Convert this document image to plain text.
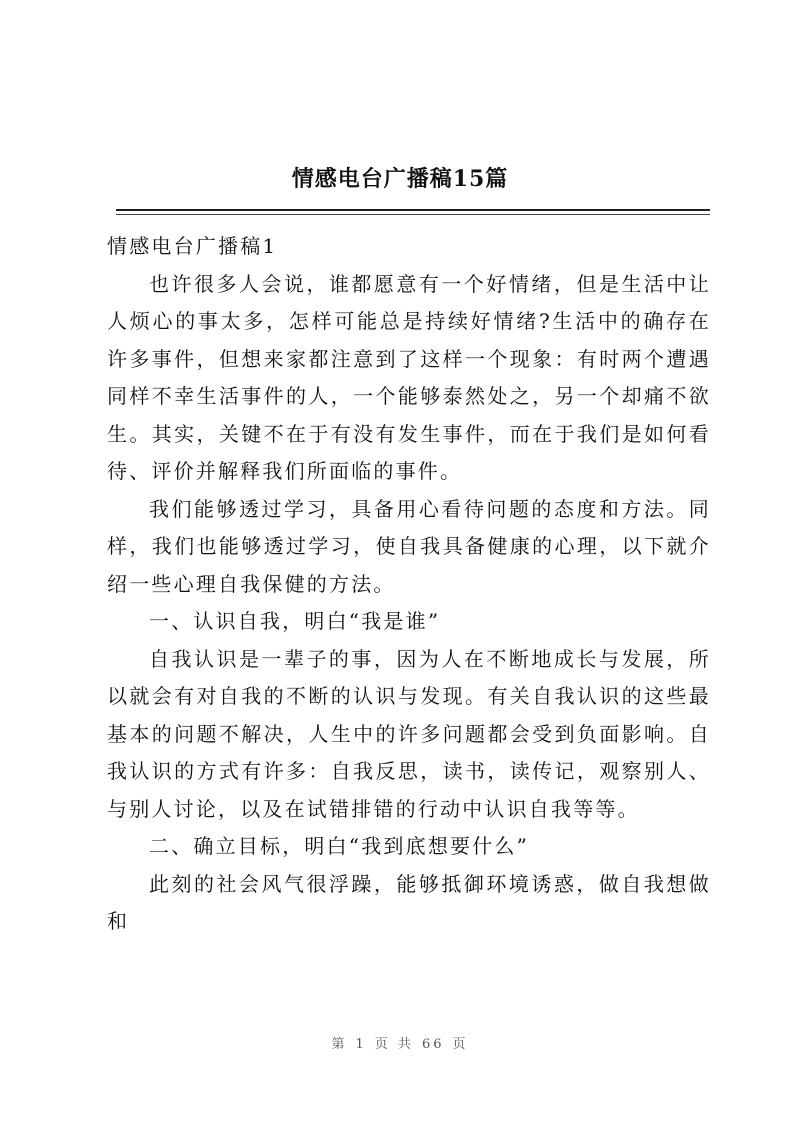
情感电台广播稿15篇

情感电台广播稿1

也许很多人会说，谁都愿意有一个好情绪，但是生活中让人烦心的事太多，怎样可能总是持续好情绪?生活中的确存在许多事件，但想来家都注意到了这样一个现象：有时两个遭遇同样不幸生活事件的人，一个能够泰然处之，另一个却痛不欲生。其实，关键不在于有没有发生事件，而在于我们是如何看待、评价并解释我们所面临的事件。

我们能够透过学习，具备用心看待问题的态度和方法。同样，我们也能够透过学习，使自我具备健康的心理，以下就介绍一些心理自我保健的方法。

一、认识自我，明白“我是谁”

自我认识是一辈子的事，因为人在不断地成长与发展，所以就会有对自我的不断的认识与发现。有关自我认识的这些最基本的问题不解决，人生中的许多问题都会受到负面影响。自我认识的方式有许多：自我反思，读书，读传记，观察别人、与别人讨论，以及在试错排错的行动中认识自我等等。

二、确立目标，明白“我到底想要什么”

此刻的社会风气很浮躁，能够抵御环境诱惑，做自我想做和

第 1 页 共 66 页
